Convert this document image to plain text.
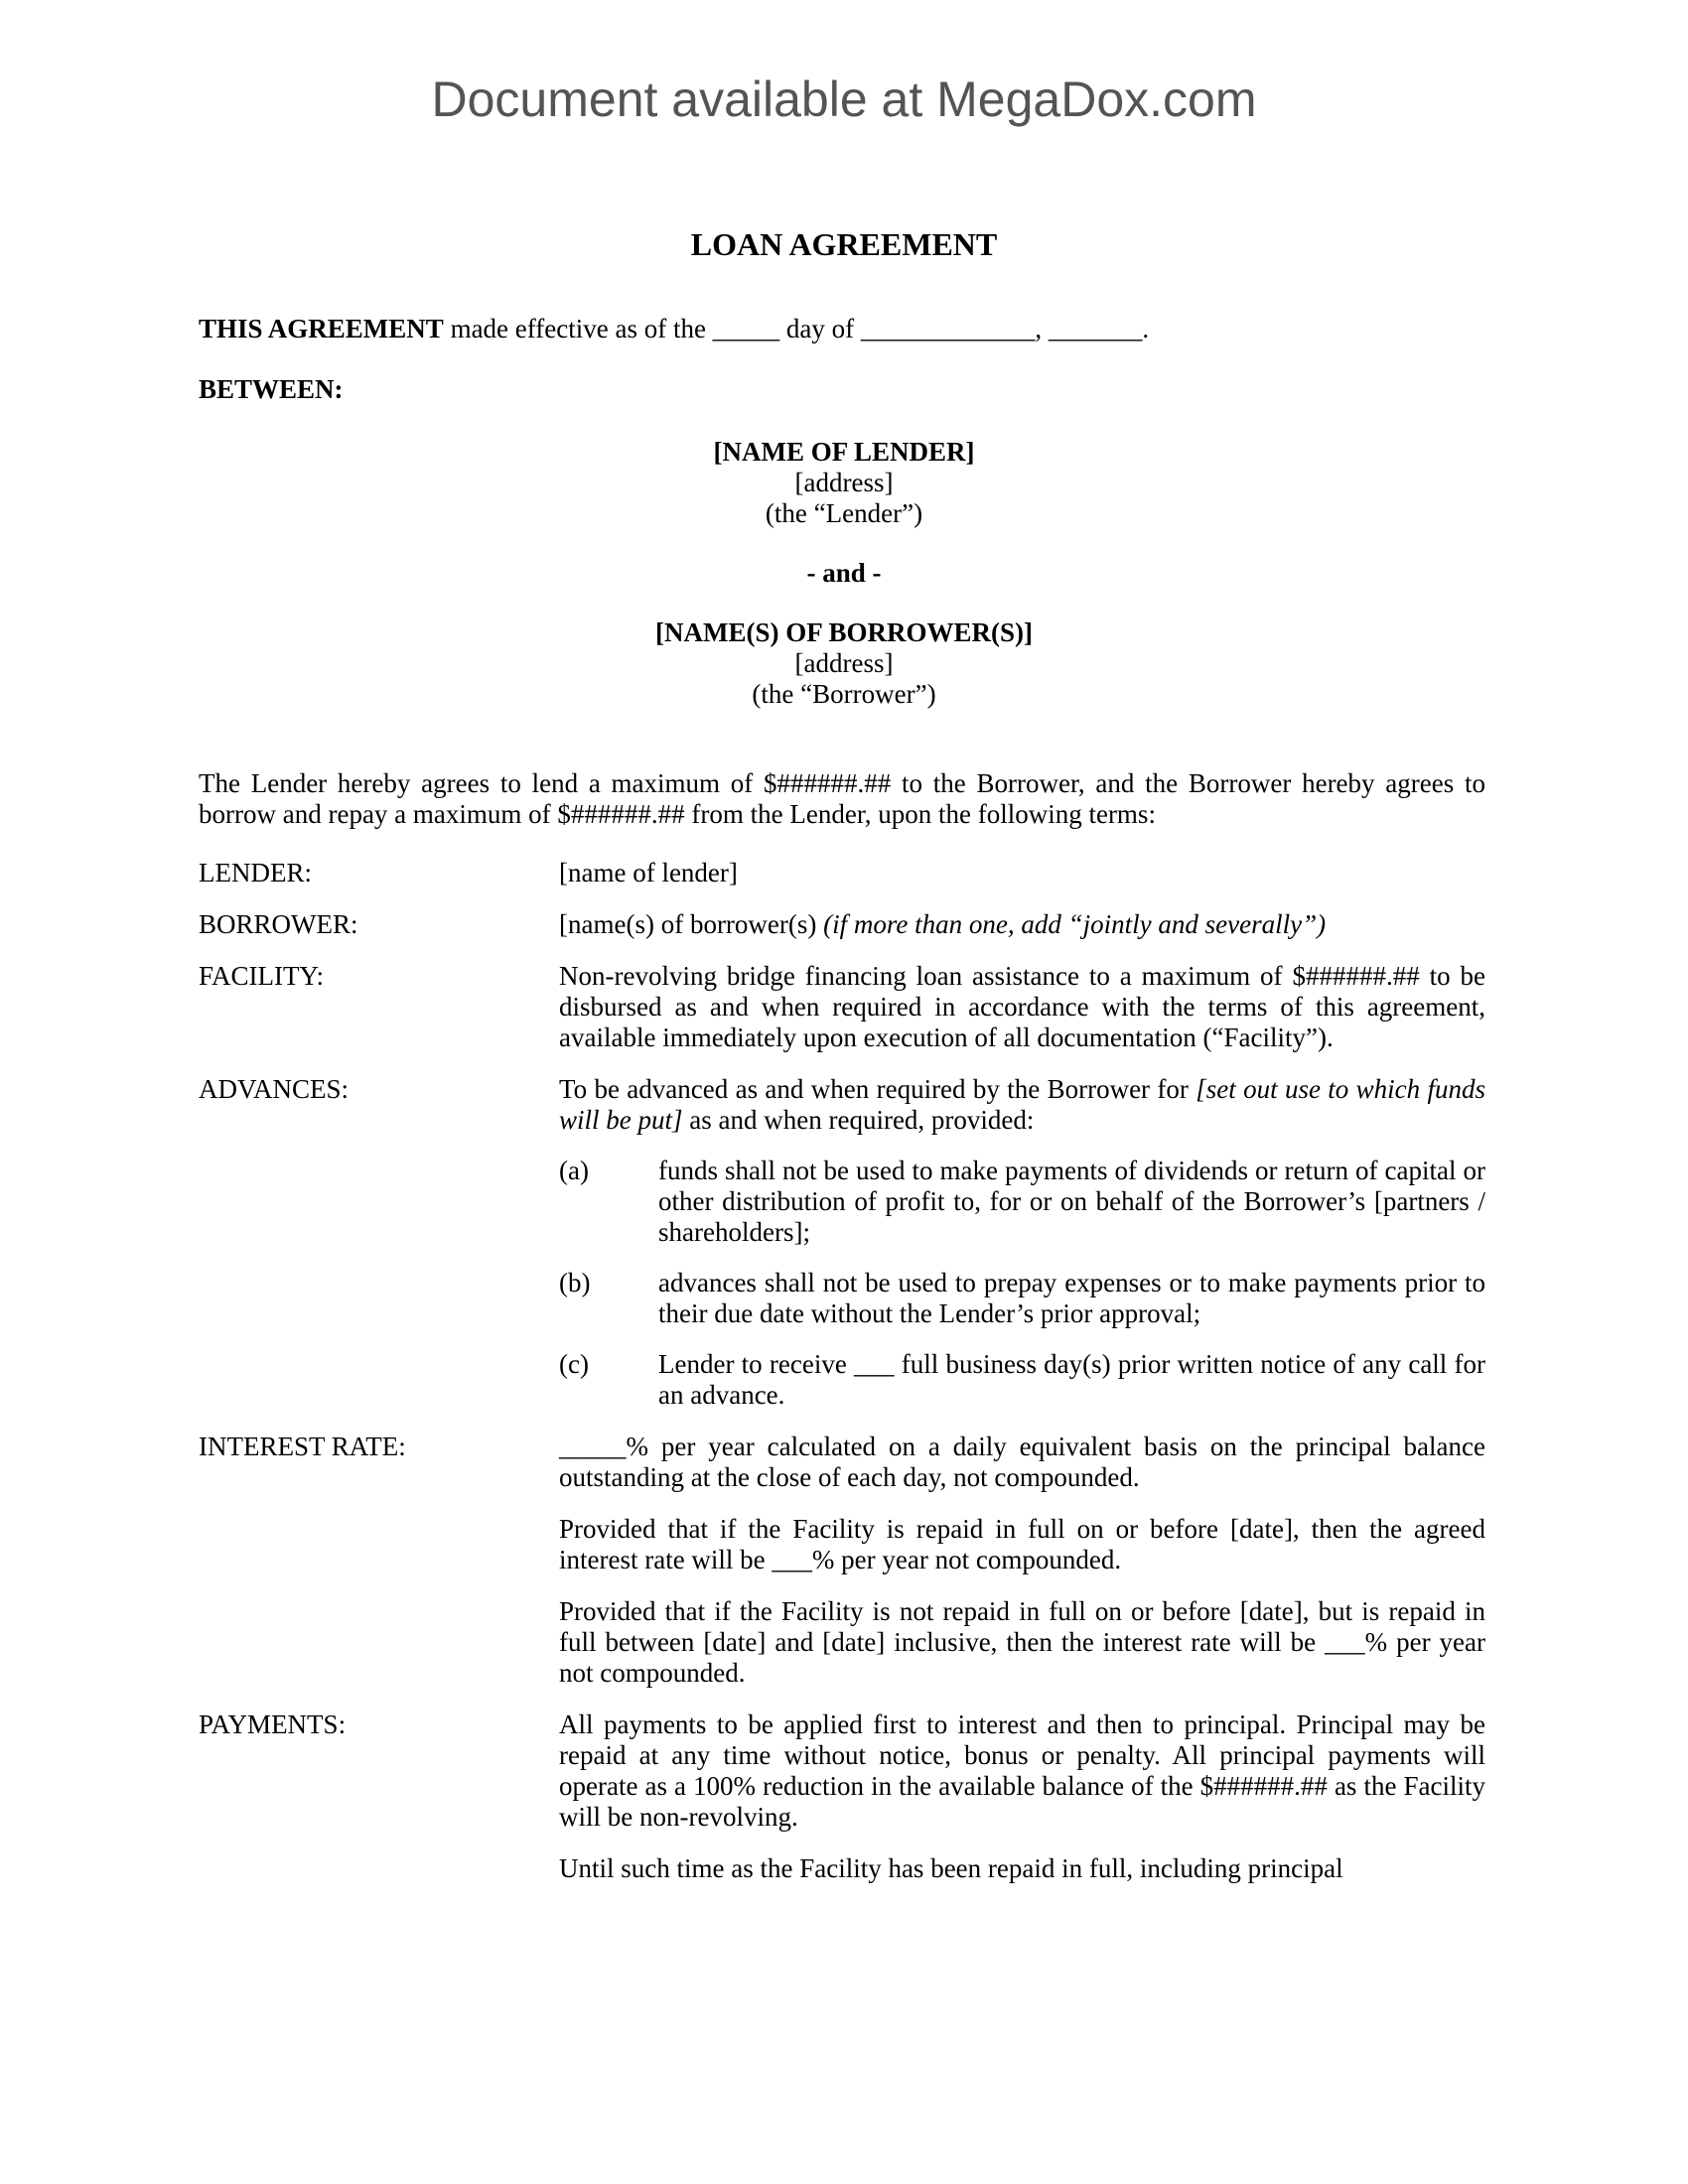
Document available at MegaDox.com
LOAN AGREEMENT
THIS AGREEMENT made effective as of the _____ day of _____________, _______.
BETWEEN:
[NAME OF LENDER]
[address]
(the “Lender”)
- and -
[NAME(S) OF BORROWER(S)]
[address]
(the “Borrower”)
The Lender hereby agrees to lend a maximum of $######.## to the Borrower, and the Borrower hereby agrees to borrow and repay a maximum of $######.## from the Lender, upon the following terms:
LENDER:	[name of lender]
BORROWER:	[name(s) of borrower(s) (if more than one, add “jointly and severally”)
FACILITY:	Non-revolving bridge financing loan assistance to a maximum of $######.## to be disbursed as and when required in accordance with the terms of this agreement, available immediately upon execution of all documentation (“Facility”).
ADVANCES:	To be advanced as and when required by the Borrower for [set out use to which funds will be put] as and when required, provided:
(a)	funds shall not be used to make payments of dividends or return of capital or other distribution of profit to, for or on behalf of the Borrower’s [partners / shareholders];
(b)	advances shall not be used to prepay expenses or to make payments prior to their due date without the Lender’s prior approval;
(c)	Lender to receive ___ full business day(s) prior written notice of any call for an advance.
INTEREST RATE:	_____% per year calculated on a daily equivalent basis on the principal balance outstanding at the close of each day, not compounded.

Provided that if the Facility is repaid in full on or before [date], then the agreed interest rate will be ___% per year not compounded.

Provided that if the Facility is not repaid in full on or before [date], but is repaid in full between [date] and [date] inclusive, then the interest rate will be ___% per year not compounded.

PAYMENTS:	All payments to be applied first to interest and then to principal. Principal may be repaid at any time without notice, bonus or penalty. All principal payments will operate as a 100% reduction in the available balance of the $######.## as the Facility will be non-revolving.

Until such time as the Facility has been repaid in full, including principal
